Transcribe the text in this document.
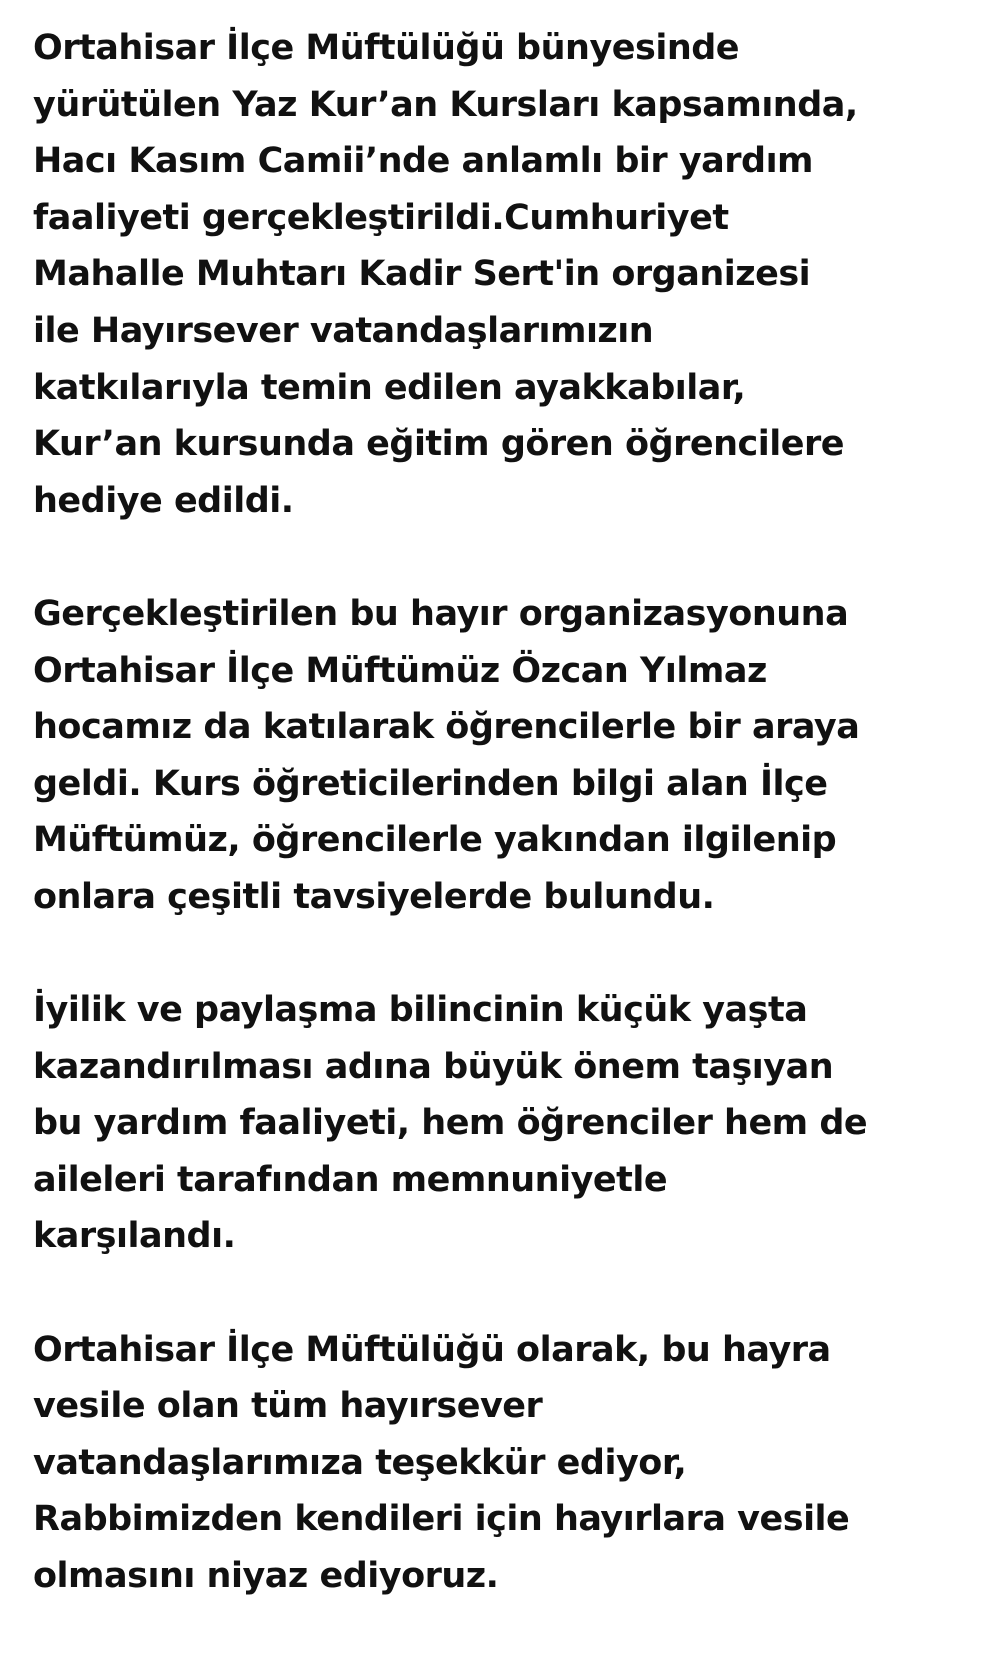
Ortahisar İlçe Müftülüğü bünyesinde
yürütülen Yaz Kur’an Kursları kapsamında,
Hacı Kasım Camii’nde anlamlı bir yardım
faaliyeti gerçekleştirildi.Cumhuriyet
Mahalle Muhtarı Kadir Sert'in organizesi
ile Hayırsever vatandaşlarımızın
katkılarıyla temin edilen ayakkabılar,
Kur’an kursunda eğitim gören öğrencilere
hediye edildi.

Gerçekleştirilen bu hayır organizasyonuna
Ortahisar İlçe Müftümüz Özcan Yılmaz
hocamız da katılarak öğrencilerle bir araya
geldi. Kurs öğreticilerinden bilgi alan İlçe
Müftümüz, öğrencilerle yakından ilgilenip
onlara çeşitli tavsiyelerde bulundu.

İyilik ve paylaşma bilincinin küçük yaşta
kazandırılması adına büyük önem taşıyan
bu yardım faaliyeti, hem öğrenciler hem de
aileleri tarafından memnuniyetle
karşılandı.

Ortahisar İlçe Müftülüğü olarak, bu hayra
vesile olan tüm hayırsever
vatandaşlarımıza teşekkür ediyor,
Rabbimizden kendileri için hayırlara vesile
olmasını niyaz ediyoruz.
